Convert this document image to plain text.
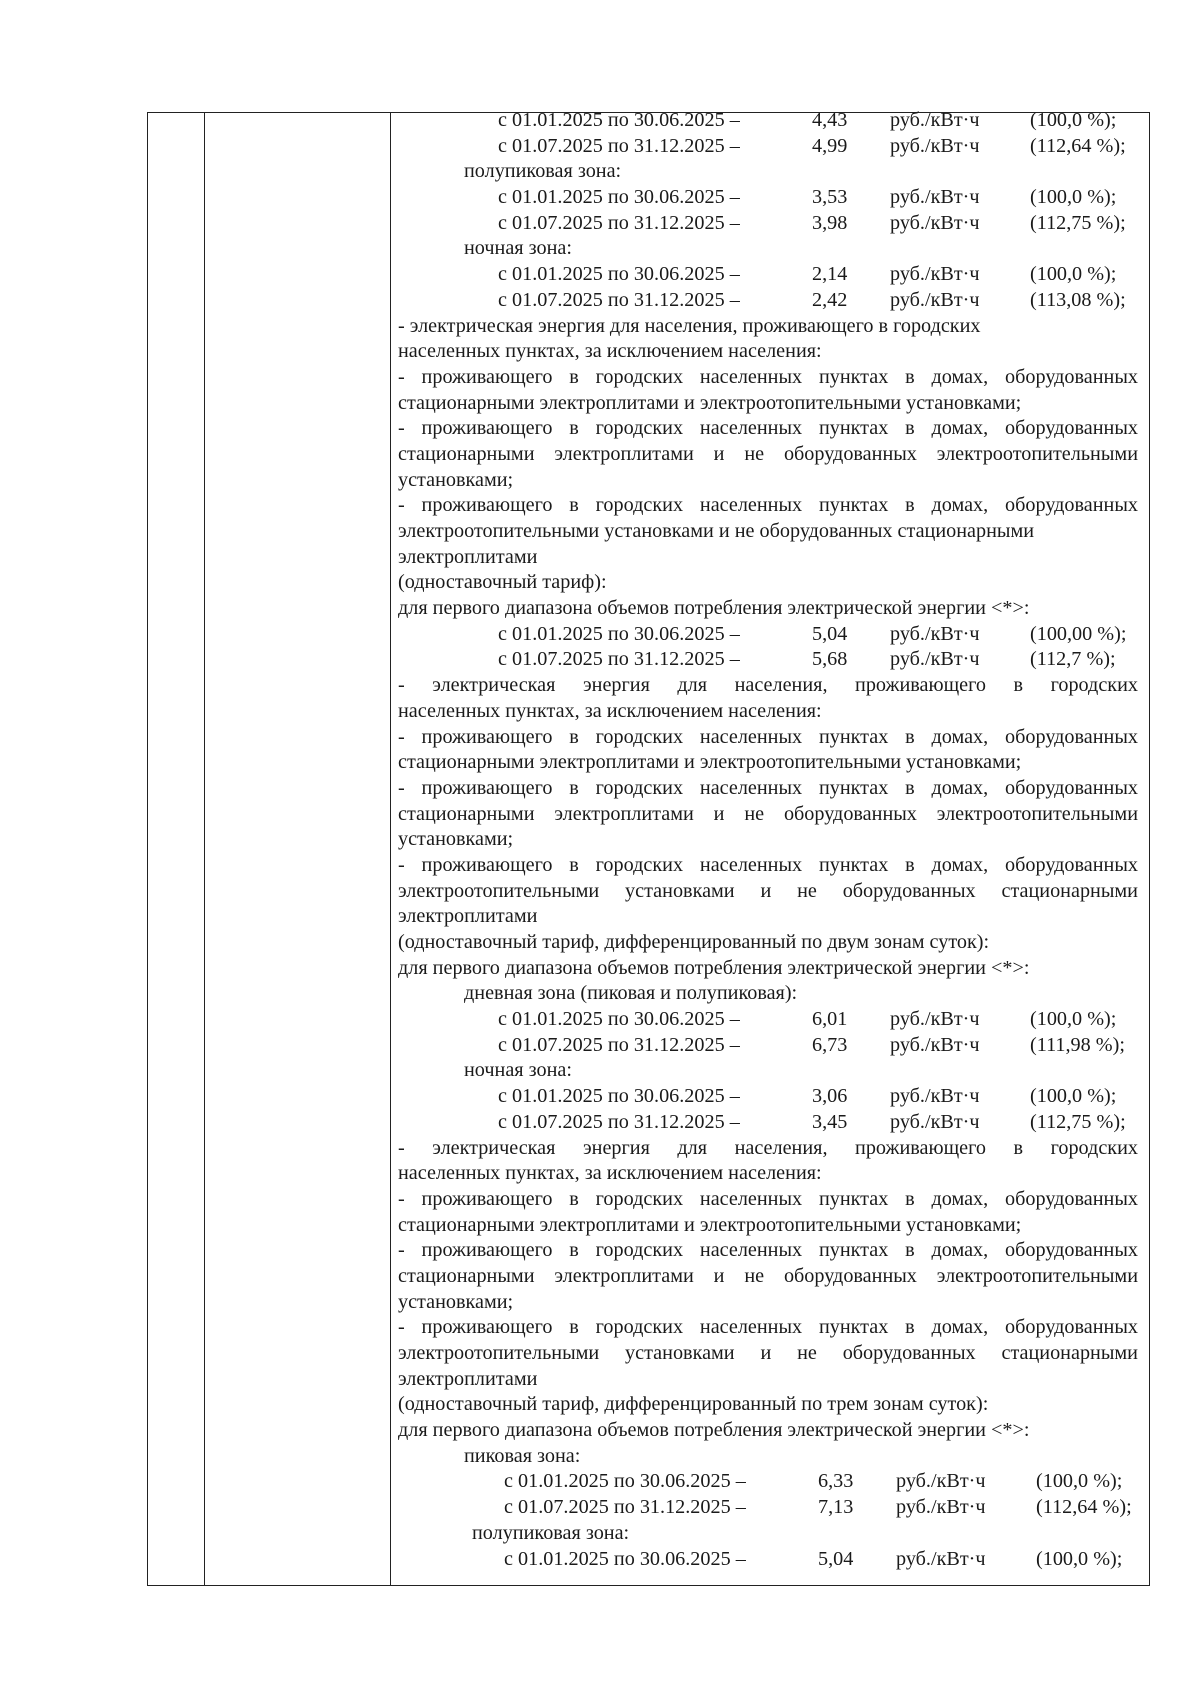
с 01.01.2025 по 30.06.2025 –	4,43 руб./кВт·ч (100,0 %);
с 01.07.2025 по 31.12.2025 –	4,99 руб./кВт·ч (112,64 %);
полупиковая зона:
с 01.01.2025 по 30.06.2025 –	3,53 руб./кВт·ч (100,0 %);
с 01.07.2025 по 31.12.2025 –	3,98 руб./кВт·ч (112,75 %);
ночная зона:
с 01.01.2025 по 30.06.2025 –	2,14 руб./кВт·ч (100,0 %);
с 01.07.2025 по 31.12.2025 –	2,42 руб./кВт·ч (113,08 %);
- электрическая энергия для населения, проживающего в городских
населенных пунктах, за исключением населения:
- проживающего в городских населенных пунктах в домах, оборудованных
стационарными электроплитами и электроотопительными установками;
- проживающего в городских населенных пунктах в домах, оборудованных
стационарными электроплитами и не оборудованных электроотопительными
установками;
- проживающего в городских населенных пунктах в домах, оборудованных
электроотопительными установками и не оборудованных стационарными
электроплитами
(одноставочный тариф):
для первого диапазона объемов потребления электрической энергии <*>:
с 01.01.2025 по 30.06.2025 –	5,04 руб./кВт·ч (100,00 %);
с 01.07.2025 по 31.12.2025 –	5,68 руб./кВт·ч (112,7 %);
- электрическая энергия для населения, проживающего в городских
населенных пунктах, за исключением населения:
- проживающего в городских населенных пунктах в домах, оборудованных
стационарными электроплитами и электроотопительными установками;
- проживающего в городских населенных пунктах в домах, оборудованных
стационарными электроплитами и не оборудованных электроотопительными
установками;
- проживающего в городских населенных пунктах в домах, оборудованных
электроотопительными установками и не оборудованных стационарными
электроплитами
(одноставочный тариф, дифференцированный по двум зонам суток):
для первого диапазона объемов потребления электрической энергии <*>:
дневная зона (пиковая и полупиковая):
с 01.01.2025 по 30.06.2025 –	6,01 руб./кВт·ч (100,0 %);
с 01.07.2025 по 31.12.2025 –	6,73 руб./кВт·ч (111,98 %);
ночная зона:
с 01.01.2025 по 30.06.2025 –	3,06 руб./кВт·ч (100,0 %);
с 01.07.2025 по 31.12.2025 –	3,45 руб./кВт·ч (112,75 %);
- электрическая энергия для населения, проживающего в городских
населенных пунктах, за исключением населения:
- проживающего в городских населенных пунктах в домах, оборудованных
стационарными электроплитами и электроотопительными установками;
- проживающего в городских населенных пунктах в домах, оборудованных
стационарными электроплитами и не оборудованных электроотопительными
установками;
- проживающего в городских населенных пунктах в домах, оборудованных
электроотопительными установками и не оборудованных стационарными
электроплитами
(одноставочный тариф, дифференцированный по трем зонам суток):
для первого диапазона объемов потребления электрической энергии <*>:
пиковая зона:
с 01.01.2025 по 30.06.2025 –	6,33 руб./кВт·ч (100,0 %);
с 01.07.2025 по 31.12.2025 –	7,13 руб./кВт·ч (112,64 %);
полупиковая зона:
с 01.01.2025 по 30.06.2025 –	5,04 руб./кВт·ч (100,0 %);
